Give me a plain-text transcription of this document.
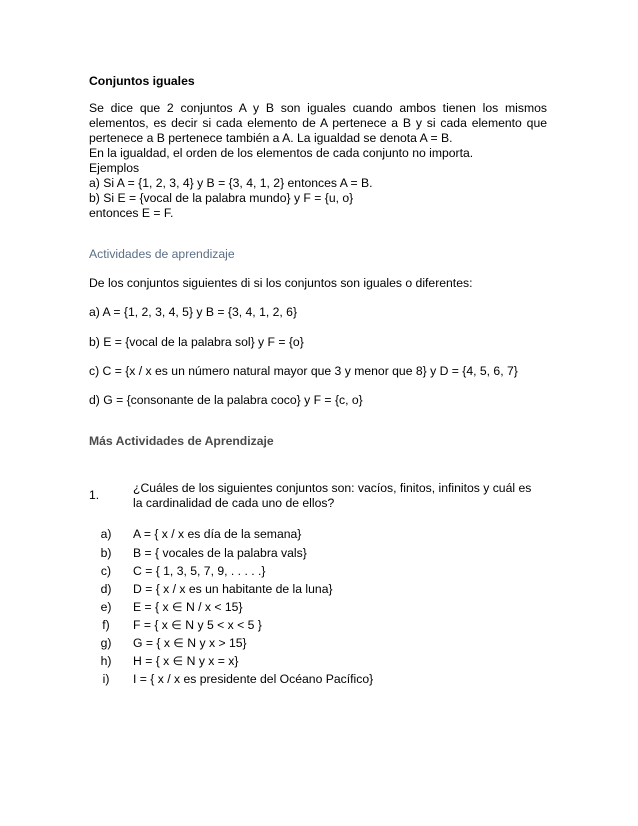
Conjuntos iguales
Se dice que 2 conjuntos A y B son iguales cuando ambos tienen los mismos
elementos, es decir si cada elemento de A pertenece a B y si cada elemento que
pertenece a B pertenece también a A. La igualdad se denota A = B.
En la igualdad, el orden de los elementos de cada conjunto no importa.
Ejemplos
a) Si A = {1, 2, 3, 4} y B = {3, 4, 1, 2} entonces A = B.
b) Si E = {vocal de la palabra mundo} y F = {u, o}
entonces E = F.
Actividades de aprendizaje
De los conjuntos siguientes di si los conjuntos son iguales o diferentes:
a) A = {1, 2, 3, 4, 5} y B = {3, 4, 1, 2, 6}
b) E = {vocal de la palabra sol} y F = {o}
c) C = {x / x es un número natural mayor que 3 y menor que 8} y D = {4, 5, 6, 7}
d) G = {consonante de la palabra coco} y F = {c, o}
Más Actividades de Aprendizaje
1.	¿Cuáles de los siguientes conjuntos son: vacíos, finitos, infinitos y cuál es
la cardinalidad de cada uno de ellos?
a)	A = { x / x es día de la semana}
b)	B = { vocales de la palabra vals}
c)	C = { 1, 3, 5, 7, 9, . . . . .}
d)	D = { x / x es un habitante de la luna}
e)	E = { x ∈ N / x < 15}
f)	F = { x ∈ N y 5 < x < 5 }
g)	G = { x ∈ N y x > 15}
h)	H = { x ∈ N y x = x}
i)	I = { x / x es presidente del Océano Pacífico}
